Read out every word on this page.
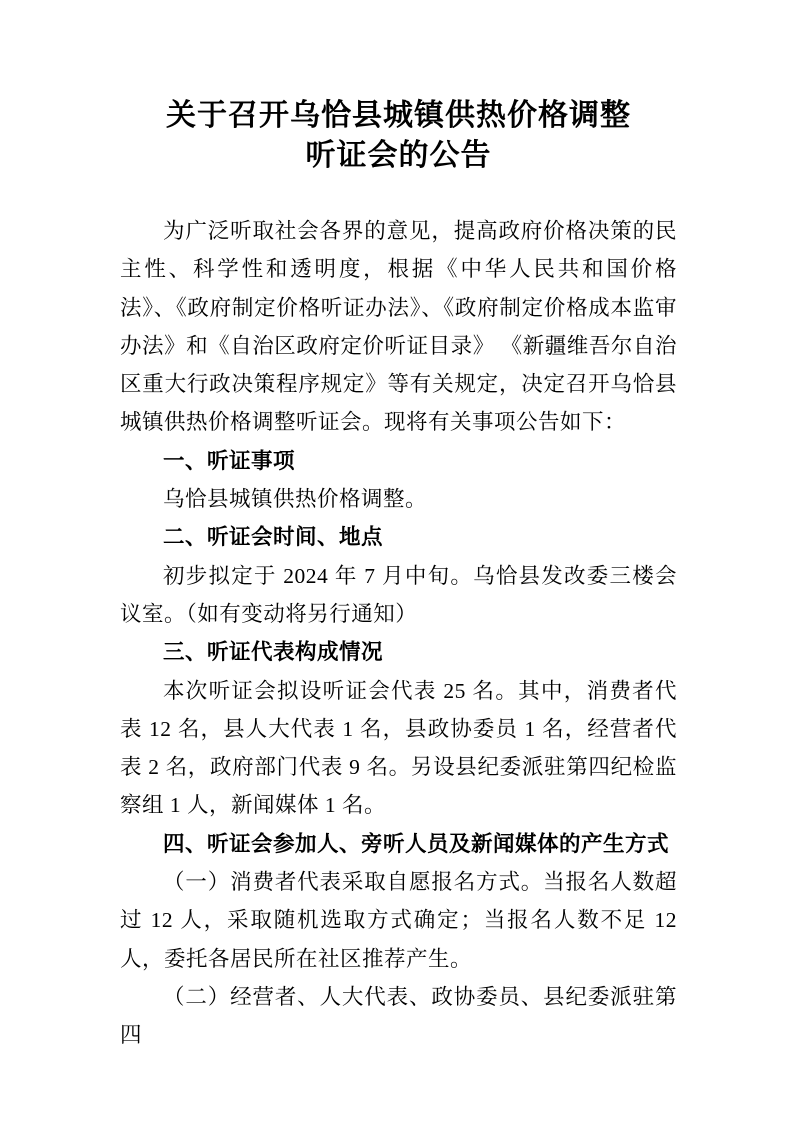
关于召开乌恰县城镇供热价格调整
听证会的公告

为广泛听取社会各界的意见，提高政府价格决策的民主性、科学性和透明度，根据《中华人民共和国价格法》、《政府制定价格听证办法》、《政府制定价格成本监审办法》和《自治区政府定价听证目录》 《新疆维吾尔自治区重大行政决策程序规定》等有关规定，决定召开乌恰县城镇供热价格调整听证会。现将有关事项公告如下：

一、听证事项

乌恰县城镇供热价格调整。

二、听证会时间、地点

初步拟定于 2024 年 7 月中旬。乌恰县发改委三楼会议室。（如有变动将另行通知）

三、听证代表构成情况

本次听证会拟设听证会代表 25 名。其中，消费者代表 12 名，县人大代表 1 名，县政协委员 1 名，经营者代表 2 名，政府部门代表 9 名。另设县纪委派驻第四纪检监察组 1 人，新闻媒体 1 名。

四、听证会参加人、旁听人员及新闻媒体的产生方式

（一）消费者代表采取自愿报名方式。当报名人数超过 12 人，采取随机选取方式确定；当报名人数不足 12 人，委托各居民所在社区推荐产生。

（二）经营者、人大代表、政协委员、县纪委派驻第四
